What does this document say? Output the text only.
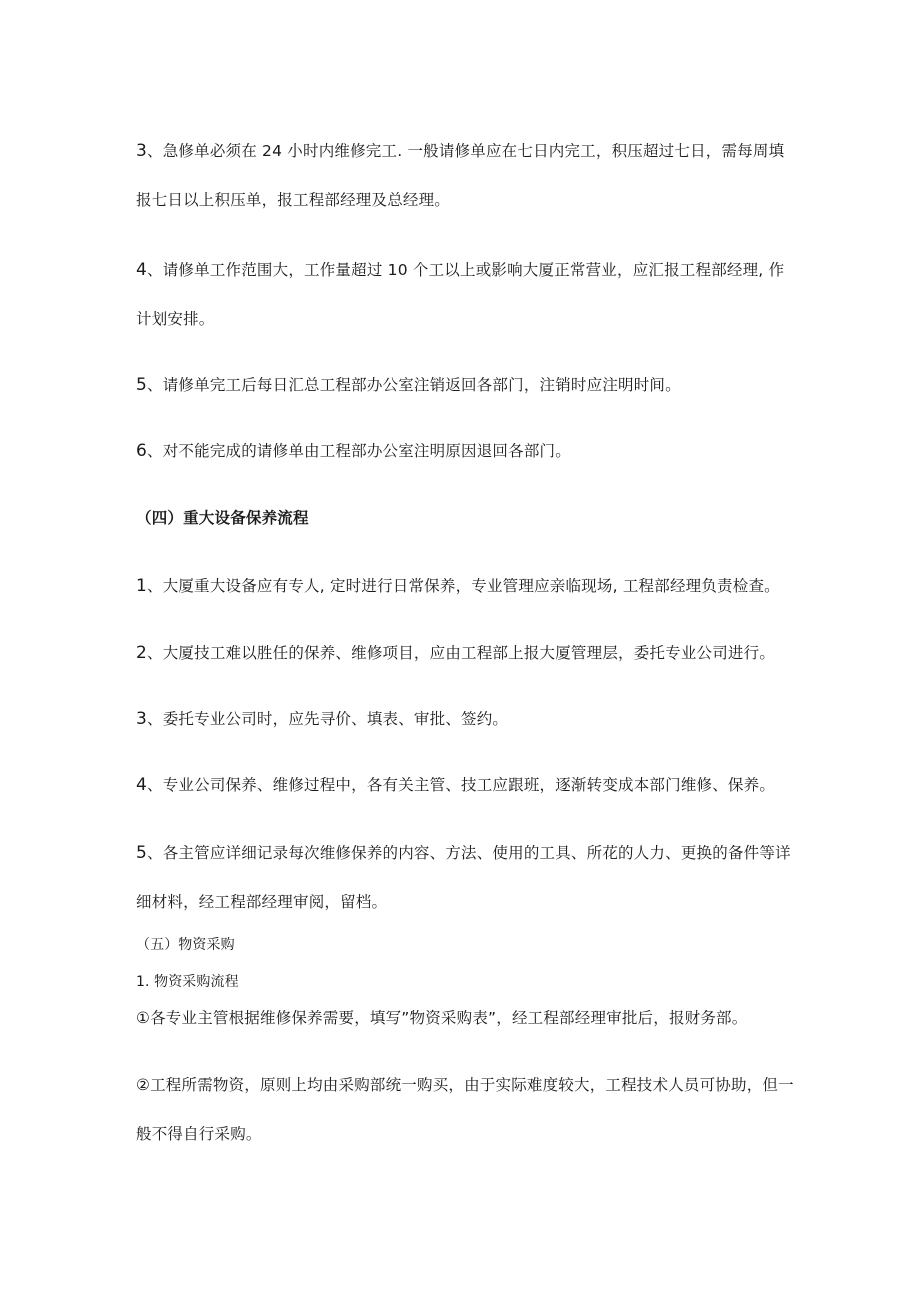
3、急修单必须在 24 小时内维修完工. 一般请修单应在七日内完工，积压超过七日，需每周填
报七日以上积压单，报工程部经理及总经理。
4、请修单工作范围大，工作量超过 10 个工以上或影响大厦正常营业，应汇报工程部经理, 作
计划安排。
5、请修单完工后每日汇总工程部办公室注销返回各部门，注销时应注明时间。
6、对不能完成的请修单由工程部办公室注明原因退回各部门。
（四）重大设备保养流程
1、大厦重大设备应有专人, 定时进行日常保养，专业管理应亲临现场, 工程部经理负责检查。
2、大厦技工难以胜任的保养、维修项目，应由工程部上报大厦管理层，委托专业公司进行。
3、委托专业公司时，应先寻价、填表、审批、签约。
4、专业公司保养、维修过程中，各有关主管、技工应跟班，逐渐转变成本部门维修、保养。
5、各主管应详细记录每次维修保养的内容、方法、使用的工具、所花的人力、更换的备件等详
细材料，经工程部经理审阅，留档。
（五）物资采购
1. 物资采购流程
①各专业主管根据维修保养需要，填写”物资采购表”，经工程部经理审批后，报财务部。
②工程所需物资，原则上均由采购部统一购买，由于实际难度较大，工程技术人员可协助，但一
般不得自行采购。
